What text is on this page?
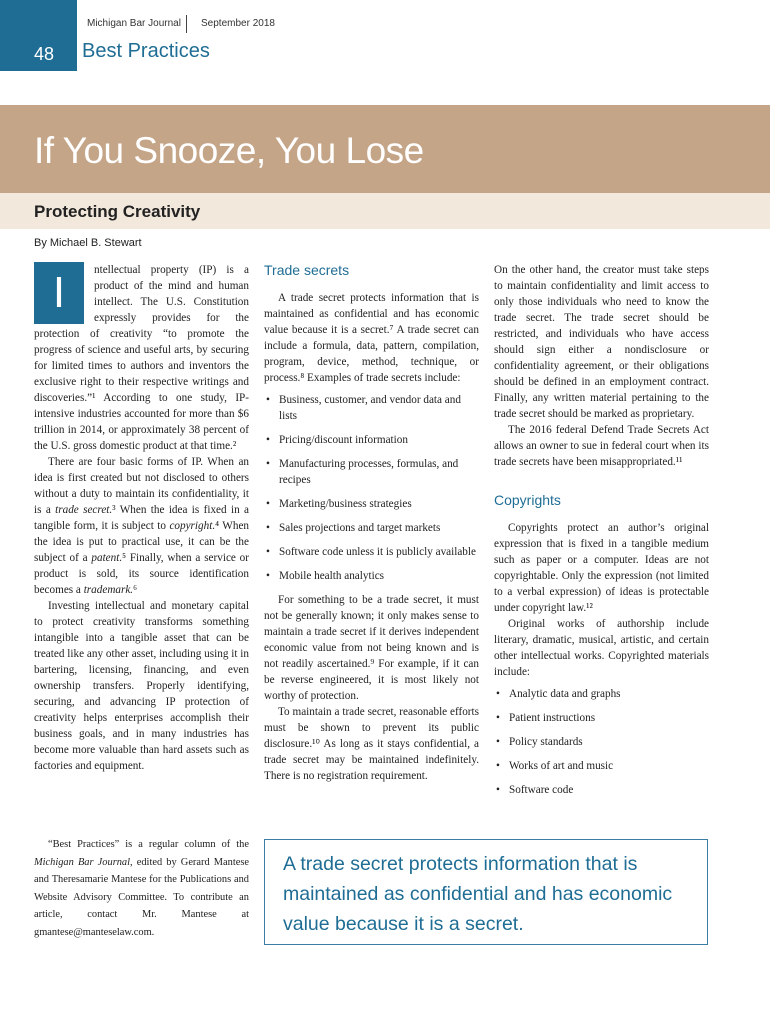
48
Michigan Bar Journal September 2018
Best Practices
If You Snooze, You Lose
Protecting Creativity
By Michael B. Stewart
I	ntellectual property (IP) is a product of the mind and human intellect. The U.S. Constitution expressly provides for the protection of creativity “to promote the progress of science and useful arts, by securing for limited times to authors and inventors the exclusive right to their respective writings and discoveries.”¹ According to one study, IP-intensive industries accounted for more than $6 trillion in 2014, or approximately 38 percent of the U.S. gross domestic product at that time.²

There are four basic forms of IP. When an idea is first created but not disclosed to others without a duty to maintain its confidentiality, it is a trade secret.³ When the idea is fixed in a tangible form, it is subject to copyright.⁴ When the idea is put to practical use, it can be the subject of a patent.⁵ Finally, when a service or product is sold, its source identification becomes a trademark.⁶

Investing intellectual and monetary capital to protect creativity transforms something intangible into a tangible asset that can be treated like any other asset, including using it in bartering, licensing, financing, and even ownership transfers. Properly identifying, securing, and advancing IP protection of creativity helps enterprises accomplish their business goals, and in many industries has become more valuable than hard assets such as factories and equipment.

Trade secrets

A trade secret protects information that is maintained as confidential and has economic value because it is a secret.⁷ A trade secret can include a formula, data, pattern, compilation, program, device, method, technique, or process.⁸ Examples of trade secrets include:

• Business, customer, and vendor data and lists
• Pricing/discount information
• Manufacturing processes, formulas, and recipes
• Marketing/business strategies
• Sales projections and target markets
• Software code unless it is publicly available
• Mobile health analytics

For something to be a trade secret, it must not be generally known; it only makes sense to maintain a trade secret if it derives independent economic value from not being known and is not readily ascertained.⁹ For example, if it can be reverse engineered, it is most likely not worthy of protection.

To maintain a trade secret, reasonable efforts must be shown to prevent its public disclosure.¹⁰ As long as it stays confidential, a trade secret may be maintained indefinitely. There is no registration requirement.

On the other hand, the creator must take steps to maintain confidentiality and limit access to only those individuals who need to know the trade secret. The trade secret should be restricted, and individuals who have access should sign either a nondisclosure or confidentiality agreement, or their obligations should be defined in an employment contract. Finally, any written material pertaining to the trade secret should be marked as proprietary.

The 2016 federal Defend Trade Secrets Act allows an owner to sue in federal court when its trade secrets have been misappropriated.¹¹

Copyrights

Copyrights protect an author’s original expression that is fixed in a tangible medium such as paper or a computer. Ideas are not copyrightable. Only the expression (not limited to a verbal expression) of ideas is protectable under copyright law.¹²

Original works of authorship include literary, dramatic, musical, artistic, and certain other intellectual works. Copyrighted materials include:

• Analytic data and graphs
• Patient instructions
• Policy standards
• Works of art and music
• Software code
“Best Practices” is a regular column of the Michigan Bar Journal, edited by Gerard Mantese and Theresamarie Mantese for the Publications and Website Advisory Committee. To contribute an article, contact Mr. Mantese at gmantese@manteselaw.com.
A trade secret protects information that is maintained as confidential and has economic value because it is a secret.
